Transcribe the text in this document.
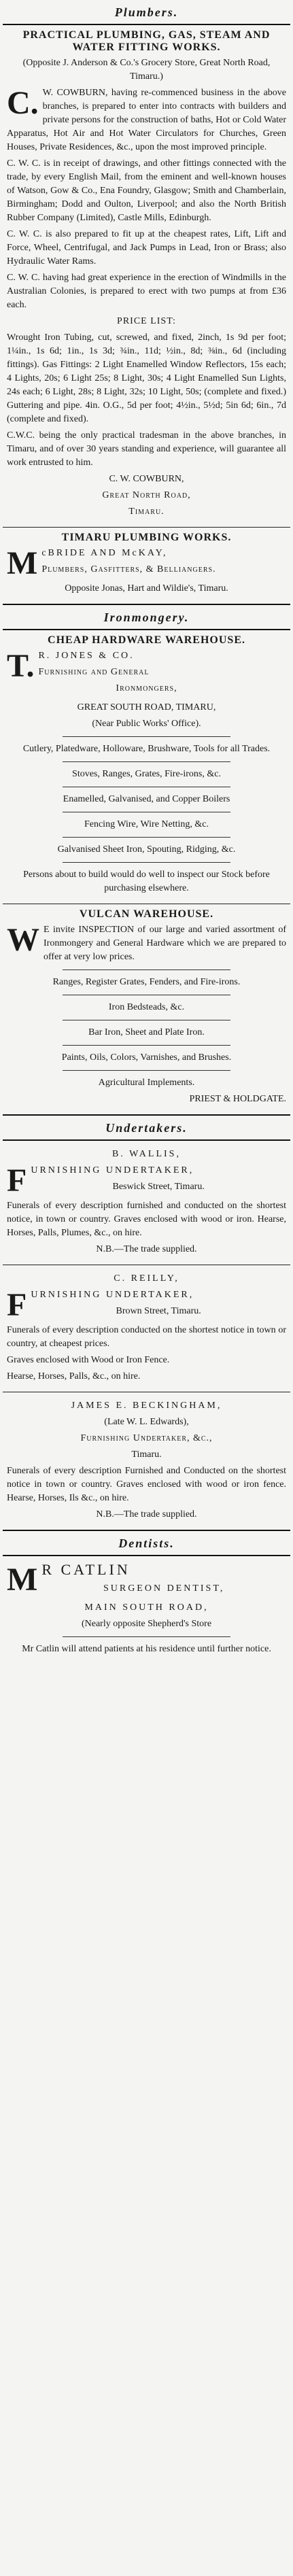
Plumbers.
PRACTICAL PLUMBING, GAS, STEAM AND WATER FITTING WORKS.

(Opposite J. Anderson & Co.'s Grocery Store, Great North Road, Timaru.)

C. W. COWBURN, having re-commenced business in the above branches, is prepared to enter into contracts with builders and private persons for the construction of baths, Hot or Cold Water Apparatus, Hot Air and Hot Water Circulators for Churches, Green Houses, Private Residences, &c., upon the most improved principle.

C. W. C. is in receipt of drawings, and other fittings connected with the trade, by every English Mail, from the eminent and well-known houses of Watson, Gow & Co., Ena Foundry, Glasgow; Smith and Chamberlain, Birmingham; Dodd and Oulton, Liverpool; and also the North British Rubber Company (Limited), Castle Mills, Edinburgh.

C. W. C. is also prepared to fit up at the cheapest rates, Lift, Lift and Force, Wheel, Centrifugal, and Jack Pumps in Lead, Iron or Brass; also Hydraulic Water Rams.

C. W. C. having had great experience in the erection of Windmills in the Australian Colonies, is prepared to erect with two pumps at from £36 each.

PRICE LIST:

Wrought Iron Tubing, cut, screwed, and fixed, 2inch, 1s 9d per foot; 1¼in., 1s 6d; 1in., 1s 3d; ¾in., 11d; ½in., 8d; ⅜in., 6d (including fittings). Gas Fittings: 2 Light Enamelled Window Reflectors, 15s each; 4 Lights, 20s; 6 Light 25s; 8 Light, 30s; 4 Light Enamelled Sun Lights, 24s each; 6 Light, 28s; 8 Light, 32s; 10 Light, 50s; (complete and fixed.) Guttering and pipe. 4in. O.G., 5d per foot; 4½in., 5½d; 5in 6d; 6in., 7d (complete and fixed).

C.W.C. being the only practical tradesman in the above branches, in Timaru, and of over 30 years standing and experience, will guarantee all work entrusted to him.

C. W. COWBURN,

Great North Road,

Timaru.

TIMARU PLUMBING WORKS.

McBRIDE AND McKAY,

Plumbers, Gasfitters, & Belliangers.

Opposite Jonas, Hart and Wildie's, Timaru.

Ironmongery.
CHEAP HARDWARE WAREHOUSE.

T. R. JONES & CO.

Furnishing and General

Ironmongers,

GREAT SOUTH ROAD, TIMARU,

(Near Public Works' Office).

Cutlery, Platedware, Holloware, Brushware, Tools for all Trades.

Stoves, Ranges, Grates, Fire-irons, &c.

Enamelled, Galvanised, and Copper Boilers

Fencing Wire, Wire Netting, &c.

Galvanised Sheet Iron, Spouting, Ridging, &c.

Persons about to build would do well to inspect our Stock before purchasing elsewhere.

VULCAN WAREHOUSE.

W E invite INSPECTION of our large and varied assortment of Ironmongery and General Hardware which we are prepared to offer at very low prices.

Ranges, Register Grates, Fenders, and Fire-irons.

Iron Bedsteads, &c.

Bar Iron, Sheet and Plate Iron.

Paints, Oils, Colors, Varnishes, and Brushes.

Agricultural Implements.

PRIEST & HOLDGATE.

Undertakers.

B. WALLIS,

FURNISHING UNDERTAKER,

Beswick Street, Timaru.

Funerals of every description furnished and conducted on the shortest notice, in town or country. Graves enclosed with wood or iron. Hearse, Horses, Palls, Plumes, &c., on hire.

N.B.—The trade supplied.

C. REILLY,

FURNISHING UNDERTAKER,

Brown Street, Timaru.

Funerals of every description conducted on the shortest notice in town or country, at cheapest prices.

Graves enclosed with Wood or Iron Fence.

Hearse, Horses, Palls, &c., on hire.

JAMES E. BECKINGHAM,

(Late W. L. Edwards),

Furnishing Undertaker, &c.,

Timaru.

Funerals of every description Furnished and Conducted on the shortest notice in town or country. Graves enclosed with wood or iron fence. Hearse, Horses, Ils &c., on hire.

N.B.—The trade supplied.

Dentists.

M R CATLIN

SURGEON DENTIST,

MAIN SOUTH ROAD,

(Nearly opposite Shepherd's Store

Mr Catlin will attend patients at his residence until further notice.
